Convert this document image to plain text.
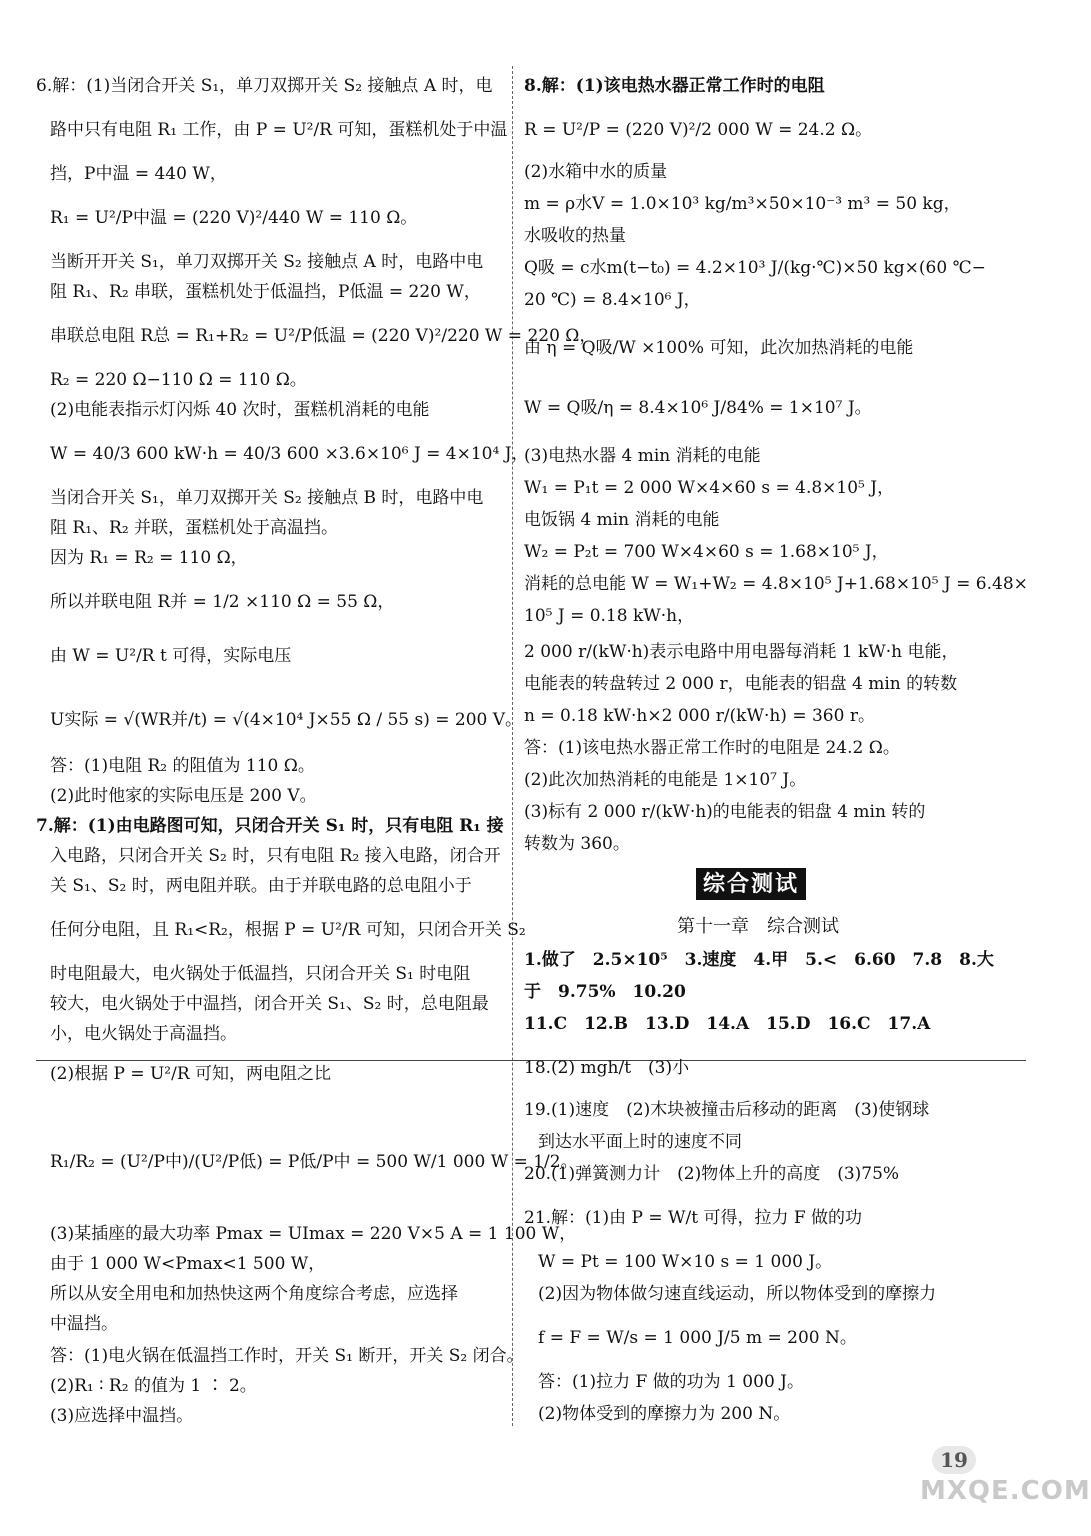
6.解：(1)当闭合开关 S₁，单刀双掷开关 S₂ 接触点 A 时，电
路中只有电阻 R₁ 工作，由 P = U²/R 可知，蛋糕机处于中温
挡，P中温 = 440 W，
R₁ = U²/P中温 = (220 V)²/440 W = 110 Ω。
当断开开关 S₁，单刀双掷开关 S₂ 接触点 A 时，电路中电
阻 R₁、R₂ 串联，蛋糕机处于低温挡，P低温 = 220 W，
串联总电阻 R总 = R₁+R₂ = U²/P低温 = (220 V)²/220 W = 220 Ω，
R₂ = 220 Ω−110 Ω = 110 Ω。
(2)电能表指示灯闪烁 40 次时，蛋糕机消耗的电能
W = 40/3 600 kW·h = 40/3 600 ×3.6×10⁶ J = 4×10⁴ J，
当闭合开关 S₁，单刀双掷开关 S₂ 接触点 B 时，电路中电
阻 R₁、R₂ 并联，蛋糕机处于高温挡。
因为 R₁ = R₂ = 110 Ω，
所以并联电阻 R并 = 1/2 ×110 Ω = 55 Ω，
由 W = U²/R t 可得，实际电压
U实际 = √(WR并/t) = √(4×10⁴ J×55 Ω / 55 s) = 200 V。
答：(1)电阻 R₂ 的阻值为 110 Ω。
(2)此时他家的实际电压是 200 V。
7.解：(1)由电路图可知，只闭合开关 S₁ 时，只有电阻 R₁ 接
入电路，只闭合开关 S₂ 时，只有电阻 R₂ 接入电路，闭合开
关 S₁、S₂ 时，两电阻并联。由于并联电路的总电阻小于
任何分电阻，且 R₁<R₂，根据 P = U²/R 可知，只闭合开关 S₂
时电阻最大，电火锅处于低温挡，只闭合开关 S₁ 时电阻
较大，电火锅处于中温挡，闭合开关 S₁、S₂ 时，总电阻最
小，电火锅处于高温挡。
(2)根据 P = U²/R 可知，两电阻之比
R₁/R₂ = (U²/P中)/(U²/P低) = P低/P中 = 500 W/1 000 W = 1/2。
(3)某插座的最大功率 Pmax = UImax = 220 V×5 A = 1 100 W，
由于 1 000 W<Pmax<1 500 W，
所以从安全用电和加热快这两个角度综合考虑，应选择
中温挡。
答：(1)电火锅在低温挡工作时，开关 S₁ 断开，开关 S₂ 闭合。
(2)R₁ ∶ R₂ 的值为 1 ∶ 2。
(3)应选择中温挡。
8.解：(1)该电热水器正常工作时的电阻
R = U²/P = (220 V)²/2 000 W = 24.2 Ω。
(2)水箱中水的质量
m = ρ水V = 1.0×10³ kg/m³×50×10⁻³ m³ = 50 kg，
水吸收的热量
Q吸 = c水m(t−t₀) = 4.2×10³ J/(kg·℃)×50 kg×(60 ℃−
20 ℃) = 8.4×10⁶ J，
由 η = Q吸/W ×100% 可知，此次加热消耗的电能
W = Q吸/η = 8.4×10⁶ J/84% = 1×10⁷ J。
(3)电热水器 4 min 消耗的电能
W₁ = P₁t = 2 000 W×4×60 s = 4.8×10⁵ J，
电饭锅 4 min 消耗的电能
W₂ = P₂t = 700 W×4×60 s = 1.68×10⁵ J，
消耗的总电能 W = W₁+W₂ = 4.8×10⁵ J+1.68×10⁵ J = 6.48×
10⁵ J = 0.18 kW·h，
2 000 r/(kW·h)表示电路中用电器每消耗 1 kW·h 电能，
电能表的转盘转过 2 000 r，电能表的铝盘 4 min 的转数
n = 0.18 kW·h×2 000 r/(kW·h) = 360 r。
答：(1)该电热水器正常工作时的电阻是 24.2 Ω。
(2)此次加热消耗的电能是 1×10⁷ J。
(3)标有 2 000 r/(kW·h)的电能表的铝盘 4 min 转的
转数为 360。
综合测试
第十一章　综合测试
1.做了　2.5×10⁵　3.速度　4.甲　5.<　6.60　7.8　8.大
于　9.75%　10.20
11.C　12.B　13.D　14.A　15.D　16.C　17.A
18.(2) mgh/t　(3)小
19.(1)速度　(2)木块被撞击后移动的距离　(3)使钢球
到达水平面上时的速度不同
20.(1)弹簧测力计　(2)物体上升的高度　(3)75%
21.解：(1)由 P = W/t 可得，拉力 F 做的功
W = Pt = 100 W×10 s = 1 000 J。
(2)因为物体做匀速直线运动，所以物体受到的摩擦力
f = F = W/s = 1 000 J/5 m = 200 N。
答：(1)拉力 F 做的功为 1 000 J。
(2)物体受到的摩擦力为 200 N。
19
MXQE.COM
